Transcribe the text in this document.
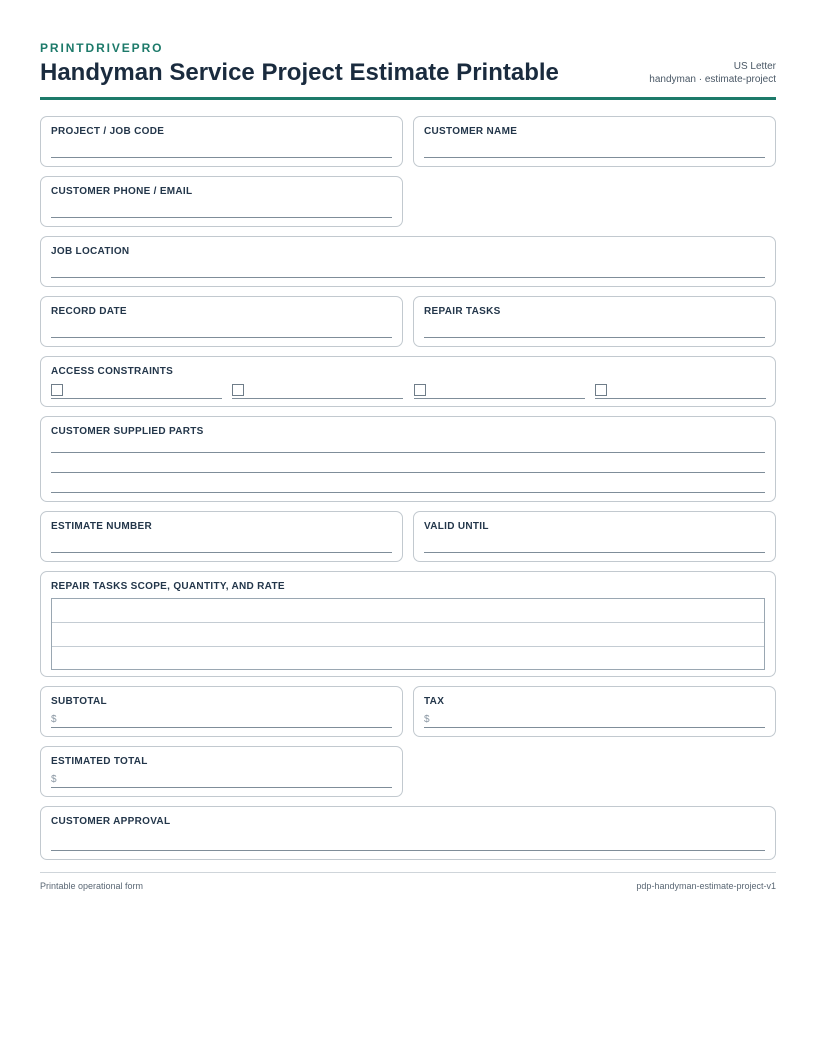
PRINTDRIVEPRO
Handyman Service Project Estimate Printable	US Letter
handyman · estimate-project
PROJECT / JOB CODE	CUSTOMER NAME
CUSTOMER PHONE / EMAIL
JOB LOCATION
RECORD DATE	REPAIR TASKS
ACCESS CONSTRAINTS
CUSTOMER SUPPLIED PARTS
ESTIMATE NUMBER	VALID UNTIL
REPAIR TASKS SCOPE, QUANTITY, AND RATE
SUBTOTAL
$
TAX
$
ESTIMATED TOTAL
$
CUSTOMER APPROVAL
Printable operational form	pdp-handyman-estimate-project-v1
